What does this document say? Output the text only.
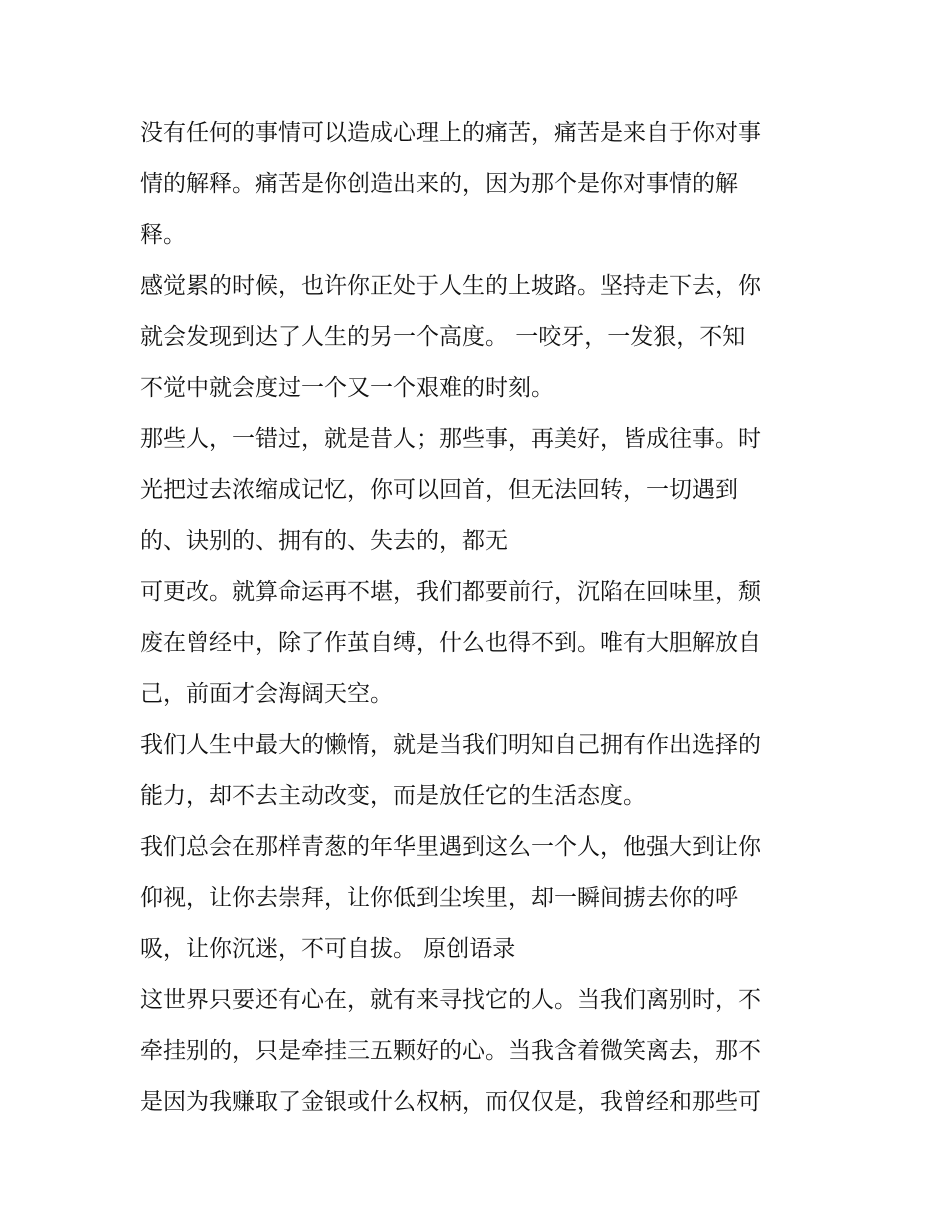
没有任何的事情可以造成心理上的痛苦，痛苦是来自于你对事
情的解释。痛苦是你创造出来的，因为那个是你对事情的解
释。
感觉累的时候，也许你正处于人生的上坡路。坚持走下去，你
就会发现到达了人生的另一个高度。 一咬牙，一发狠，不知
不觉中就会度过一个又一个艰难的时刻。
那些人，一错过，就是昔人；那些事，再美好，皆成往事。时
光把过去浓缩成记忆，你可以回首，但无法回转，一切遇到
的、诀别的、拥有的、失去的，都无
可更改。就算命运再不堪，我们都要前行，沉陷在回味里，颓
废在曾经中，除了作茧自缚，什么也得不到。唯有大胆解放自
己，前面才会海阔天空。
我们人生中最大的懒惰，就是当我们明知自己拥有作出选择的
能力，却不去主动改变，而是放任它的生活态度。
我们总会在那样青葱的年华里遇到这么一个人，他强大到让你
仰视，让你去崇拜，让你低到尘埃里，却一瞬间掳去你的呼
吸，让你沉迷，不可自拔。 原创语录
这世界只要还有心在，就有来寻找它的人。当我们离别时，不
牵挂别的，只是牵挂三五颗好的心。当我含着微笑离去，那不
是因为我赚取了金银或什么权柄，而仅仅是，我曾经和那些可
